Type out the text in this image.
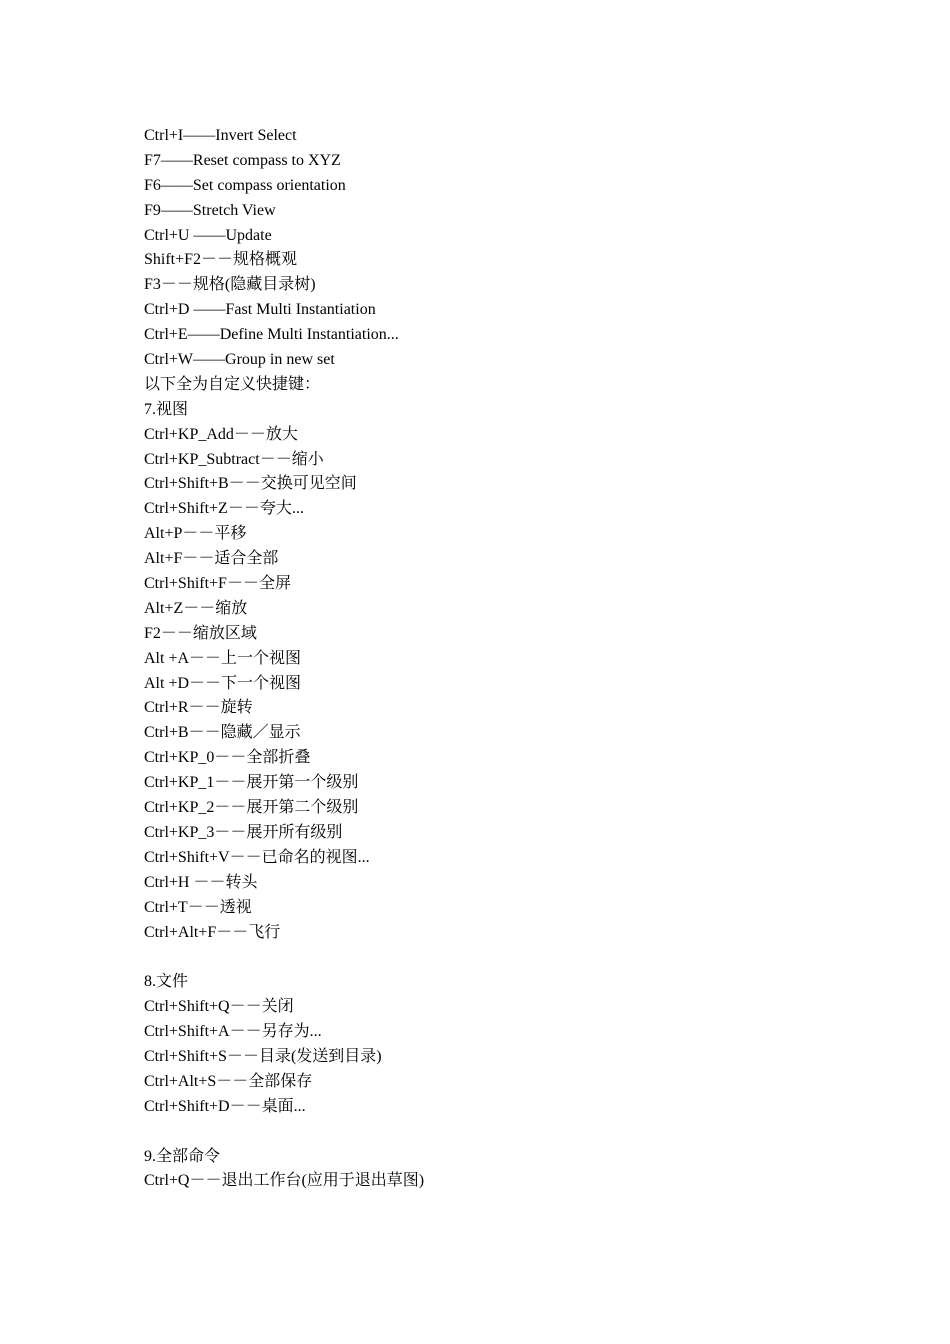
Ctrl+I——Invert Select
F7——Reset compass to XYZ
F6——Set compass orientation
F9——Stretch View
Ctrl+U ——Update
Shift+F2－－规格概观
F3－－规格(隐藏目录树)
Ctrl+D ——Fast Multi Instantiation
Ctrl+E——Define Multi Instantiation...
Ctrl+W——Group in new set
以下全为自定义快捷键：
7.视图
Ctrl+KP_Add－－放大
Ctrl+KP_Subtract－－缩小
Ctrl+Shift+B－－交换可见空间
Ctrl+Shift+Z－－夸大...
Alt+P－－平移
Alt+F－－适合全部
Ctrl+Shift+F－－全屏
Alt+Z－－缩放
F2－－缩放区域
Alt +A－－上一个视图
Alt +D－－下一个视图
Ctrl+R－－旋转
Ctrl+B－－隐藏／显示
Ctrl+KP_0－－全部折叠
Ctrl+KP_1－－展开第一个级别
Ctrl+KP_2－－展开第二个级别
Ctrl+KP_3－－展开所有级别
Ctrl+Shift+V－－已命名的视图...
Ctrl+H －－转头
Ctrl+T－－透视
Ctrl+Alt+F－－飞行
8.文件
Ctrl+Shift+Q－－关闭
Ctrl+Shift+A－－另存为...
Ctrl+Shift+S－－目录(发送到目录)
Ctrl+Alt+S－－全部保存
Ctrl+Shift+D－－桌面...
9.全部命令
Ctrl+Q－－退出工作台(应用于退出草图)
